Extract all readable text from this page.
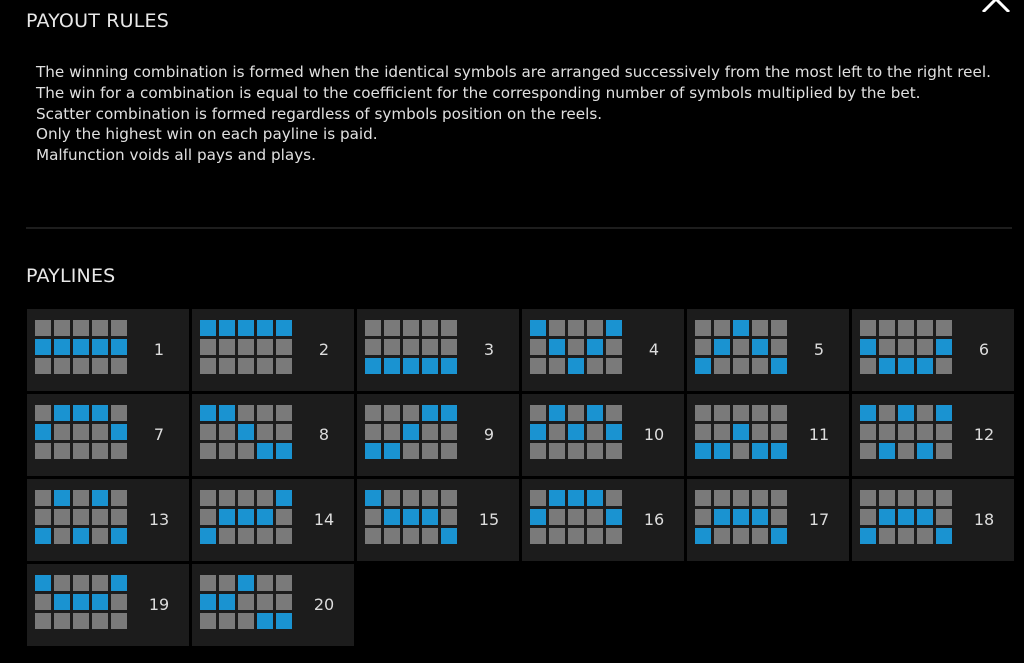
PAYOUT RULES

The winning combination is formed when the identical symbols are arranged successively from the most left to the right reel.

The win for a combination is equal to the coefficient for the corresponding number of symbols multiplied by the bet.

Scatter combination is formed regardless of symbols position on the reels.

Only the highest win on each payline is paid.

Malfunction voids all pays and plays.

PAYLINES
1	2	3	4	5	6
7	8	9	10	11	12
13	14	15	16	17	18
19	20
